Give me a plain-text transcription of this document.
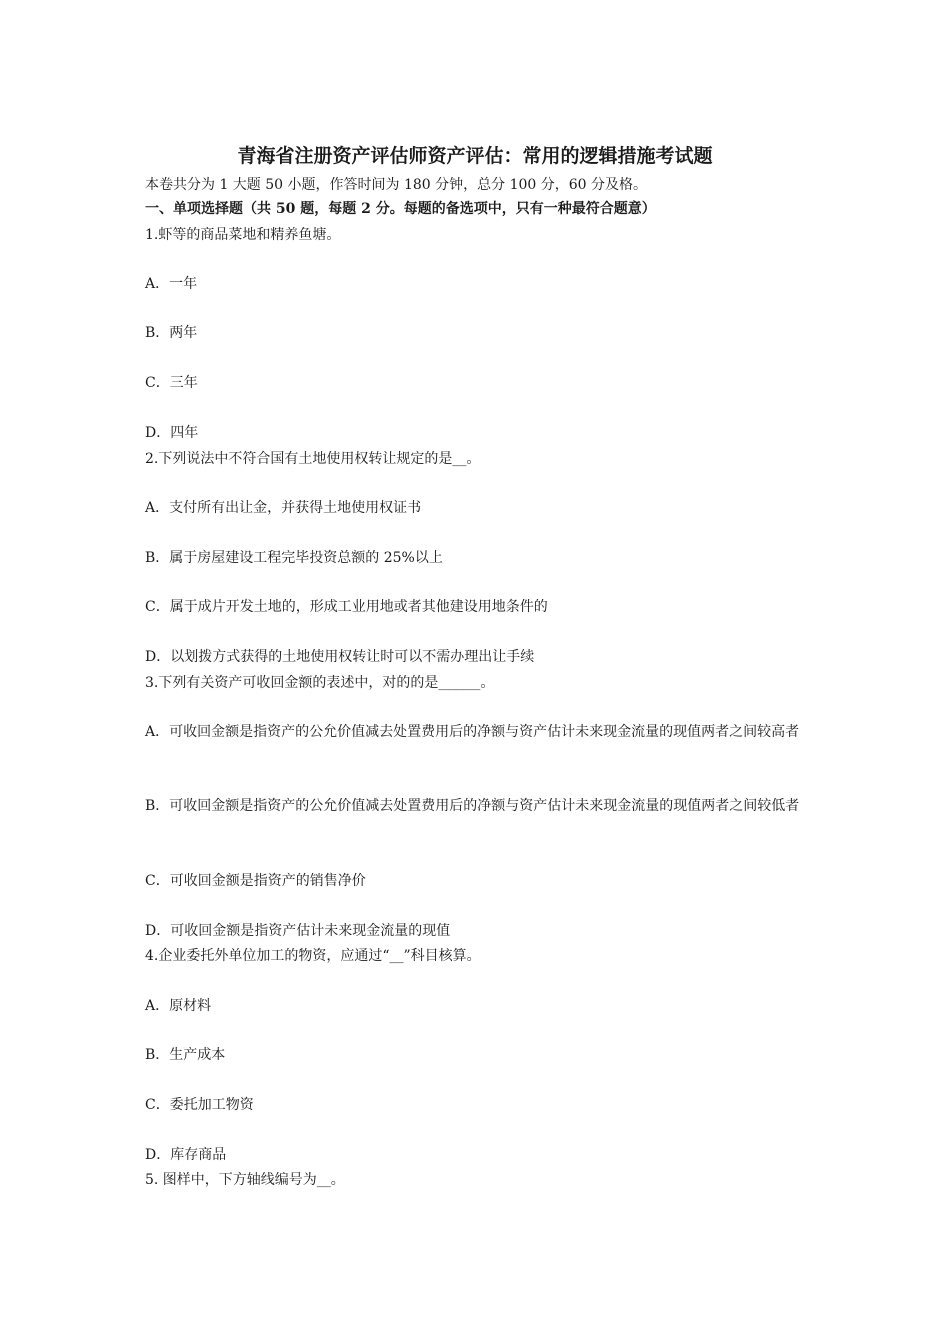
青海省注册资产评估师资产评估：常用的逻辑措施考试题
本卷共分为 1 大题 50 小题，作答时间为 180 分钟，总分 100 分，60 分及格。
一、单项选择题（共 50 题，每题 2 分。每题的备选项中，只有一种最符合题意）
1.虾等的商品菜地和精养鱼塘。
A．一年
B．两年
C．三年
D．四年
2.下列说法中不符合国有土地使用权转让规定的是__。
A．支付所有出让金，并获得土地使用权证书
B．属于房屋建设工程完毕投资总额的 25%以上
C．属于成片开发土地的，形成工业用地或者其他建设用地条件的
D．以划拨方式获得的土地使用权转让时可以不需办理出让手续
3.下列有关资产可收回金额的表述中，对的的是______。
A．可收回金额是指资产的公允价值减去处置费用后的净额与资产估计未来现金流量的现值两者之间较高者
B．可收回金额是指资产的公允价值减去处置费用后的净额与资产估计未来现金流量的现值两者之间较低者
C．可收回金额是指资产的销售净价
D．可收回金额是指资产估计未来现金流量的现值
4.企业委托外单位加工的物资，应通过“__”科目核算。
A．原材料
B．生产成本
C．委托加工物资
D．库存商品
5. 图样中，下方轴线编号为__。
